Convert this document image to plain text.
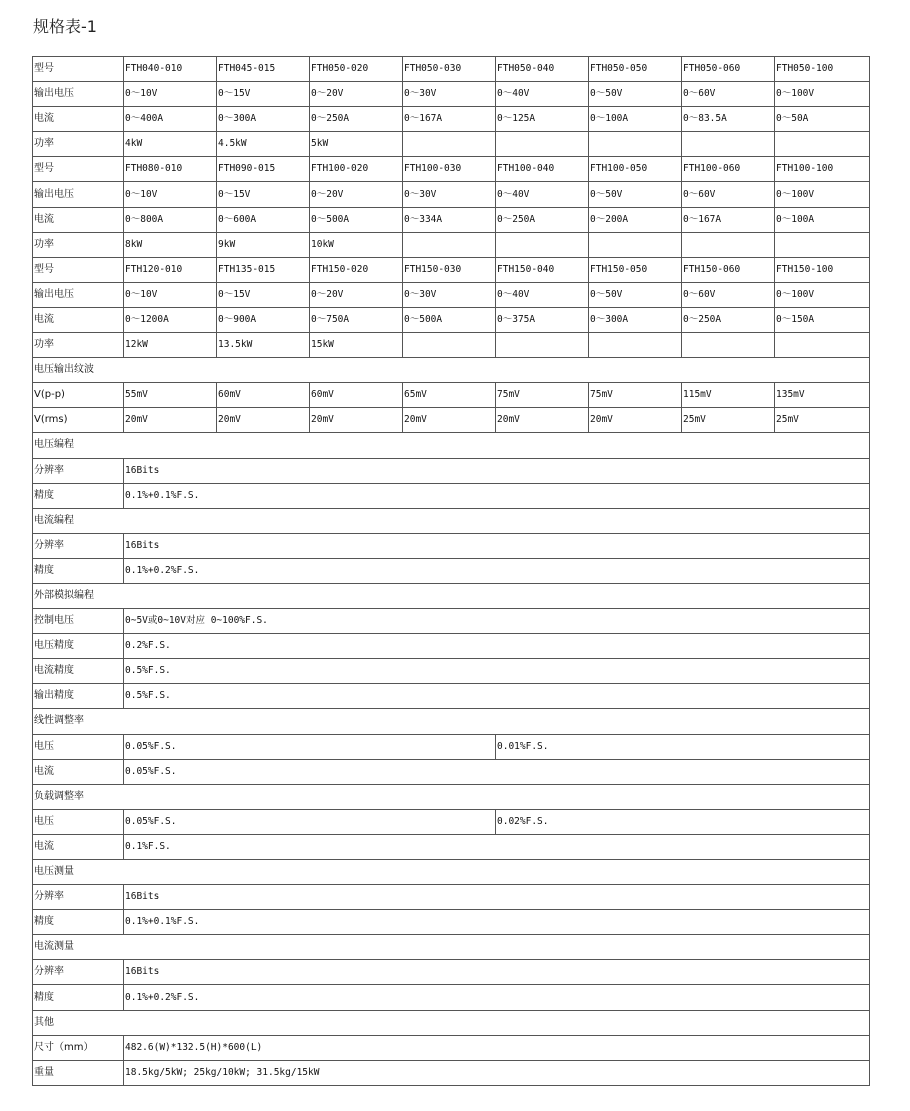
规格表-1
型号	FTH040-010	FTH045-015	FTH050-020	FTH050-030	FTH050-040	FTH050-050	FTH050-060	FTH050-100
输出电压	0～10V	0～15V	0～20V	0～30V	0～40V	0～50V	0～60V	0～100V
电流	0～400A	0～300A	0～250A	0～167A	0～125A	0～100A	0～83.5A	0～50A
功率	4kW	4.5kW	5kW					
型号	FTH080-010	FTH090-015	FTH100-020	FTH100-030	FTH100-040	FTH100-050	FTH100-060	FTH100-100
输出电压	0～10V	0～15V	0～20V	0～30V	0～40V	0～50V	0～60V	0～100V
电流	0～800A	0～600A	0～500A	0～334A	0～250A	0～200A	0～167A	0～100A
功率	8kW	9kW	10kW					
型号	FTH120-010	FTH135-015	FTH150-020	FTH150-030	FTH150-040	FTH150-050	FTH150-060	FTH150-100
输出电压	0～10V	0～15V	0～20V	0～30V	0～40V	0～50V	0～60V	0～100V
电流	0～1200A	0～900A	0～750A	0～500A	0～375A	0～300A	0～250A	0～150A
功率	12kW	13.5kW	15kW					
电压输出纹波								
V(p-p)	55mV	60mV	60mV	65mV	75mV	75mV	115mV	135mV
V(rms)	20mV	20mV	20mV	20mV	20mV	20mV	25mV	25mV
电压编程								
分辨率	16Bits							
精度	0.1%+0.1%F.S.							
电流编程								
分辨率	16Bits							
精度	0.1%+0.2%F.S.							
外部模拟编程								
控制电压	0~5V或0~10V对应 0~100%F.S.							
电压精度	0.2%F.S.							
电流精度	0.5%F.S.							
输出精度	0.5%F.S.							
线性调整率								
电压	0.05%F.S.				0.01%F.S.			
电流	0.05%F.S.							
负载调整率								
电压	0.05%F.S.				0.02%F.S.			
电流	0.1%F.S.							
电压测量								
分辨率	16Bits							
精度	0.1%+0.1%F.S.							
电流测量								
分辨率	16Bits							
精度	0.1%+0.2%F.S.							
其他								
尺寸（mm）	482.6(W)*132.5(H)*600(L)							
重量	18.5kg/5kW; 25kg/10kW; 31.5kg/15kW							
